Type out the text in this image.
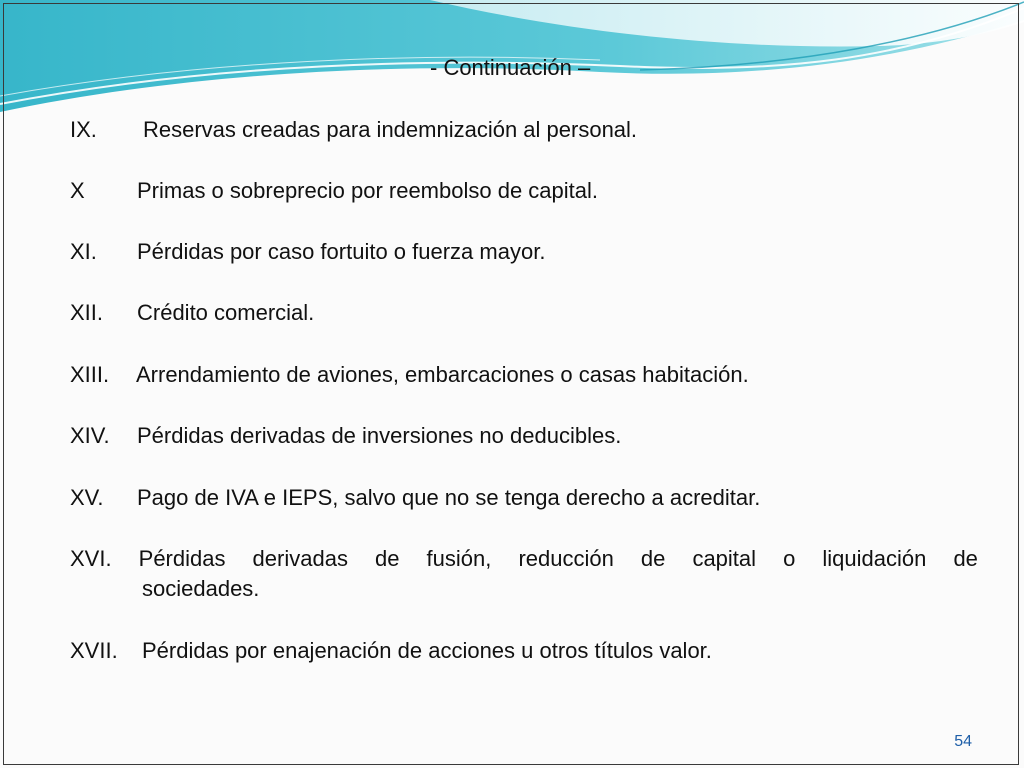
- Continuación –
IX. Reservas creadas para indemnización al personal.
X Primas o sobreprecio por reembolso de capital.
XI. Pérdidas por caso fortuito o fuerza mayor.
XII. Crédito comercial.
XIII. Arrendamiento de aviones, embarcaciones o casas habitación.
XIV. Pérdidas derivadas de inversiones no deducibles.
XV. Pago de IVA e IEPS, salvo que no se tenga derecho a acreditar.
XVI. Pérdidas derivadas de fusión, reducción de capital o liquidación de
sociedades.
XVII. Pérdidas por enajenación de acciones u otros títulos valor.
54
